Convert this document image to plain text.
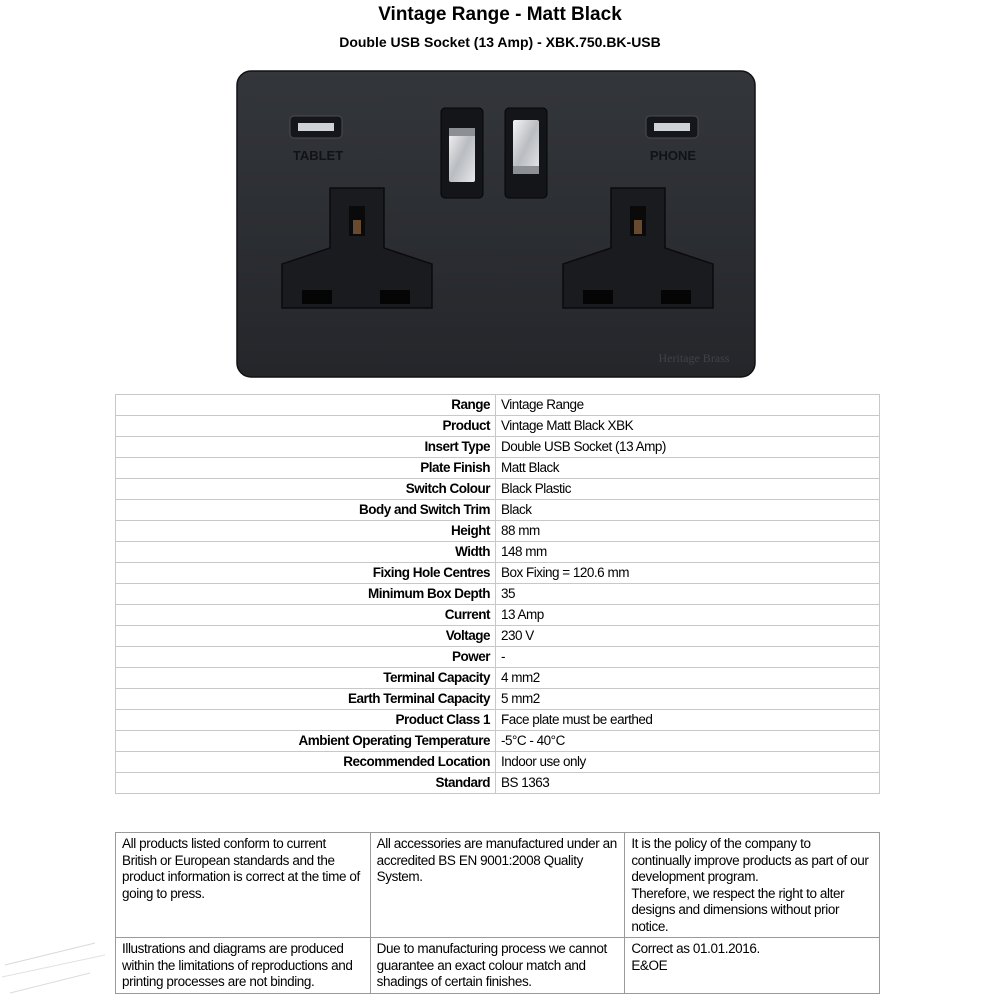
Vintage Range - Matt Black
Double USB Socket (13 Amp) - XBK.750.BK-USB
TABLET	PHONE
Heritage Brass
Range	Vintage Range
Product	Vintage Matt Black XBK
Insert Type	Double USB Socket (13 Amp)
Plate Finish	Matt Black
Switch Colour	Black Plastic
Body and Switch Trim	Black
Height	88 mm
Width	148 mm
Fixing Hole Centres	Box Fixing = 120.6 mm
Minimum Box Depth	35
Current	13 Amp
Voltage	230 V
Power	-
Terminal Capacity	4 mm2
Earth Terminal Capacity	5 mm2
Product Class 1	Face plate must be earthed
Ambient Operating Temperature	-5°C - 40°C
Recommended Location	Indoor use only
Standard	BS 1363

All products listed conform to current British or European standards and the product information is correct at the time of going to press.	All accessories are manufactured under an accredited BS EN 9001:2008 Quality System.	It is the policy of the company to continually improve products as part of our development program.

Therefore, we respect the right to alter designs and dimensions without prior notice.

Illustrations and diagrams are produced within the limitations of reproductions and printing processes are not binding.	Due to manufacturing process we cannot guarantee an exact colour match and shadings of certain finishes.	Correct as 01.01.2016.

E&OE
